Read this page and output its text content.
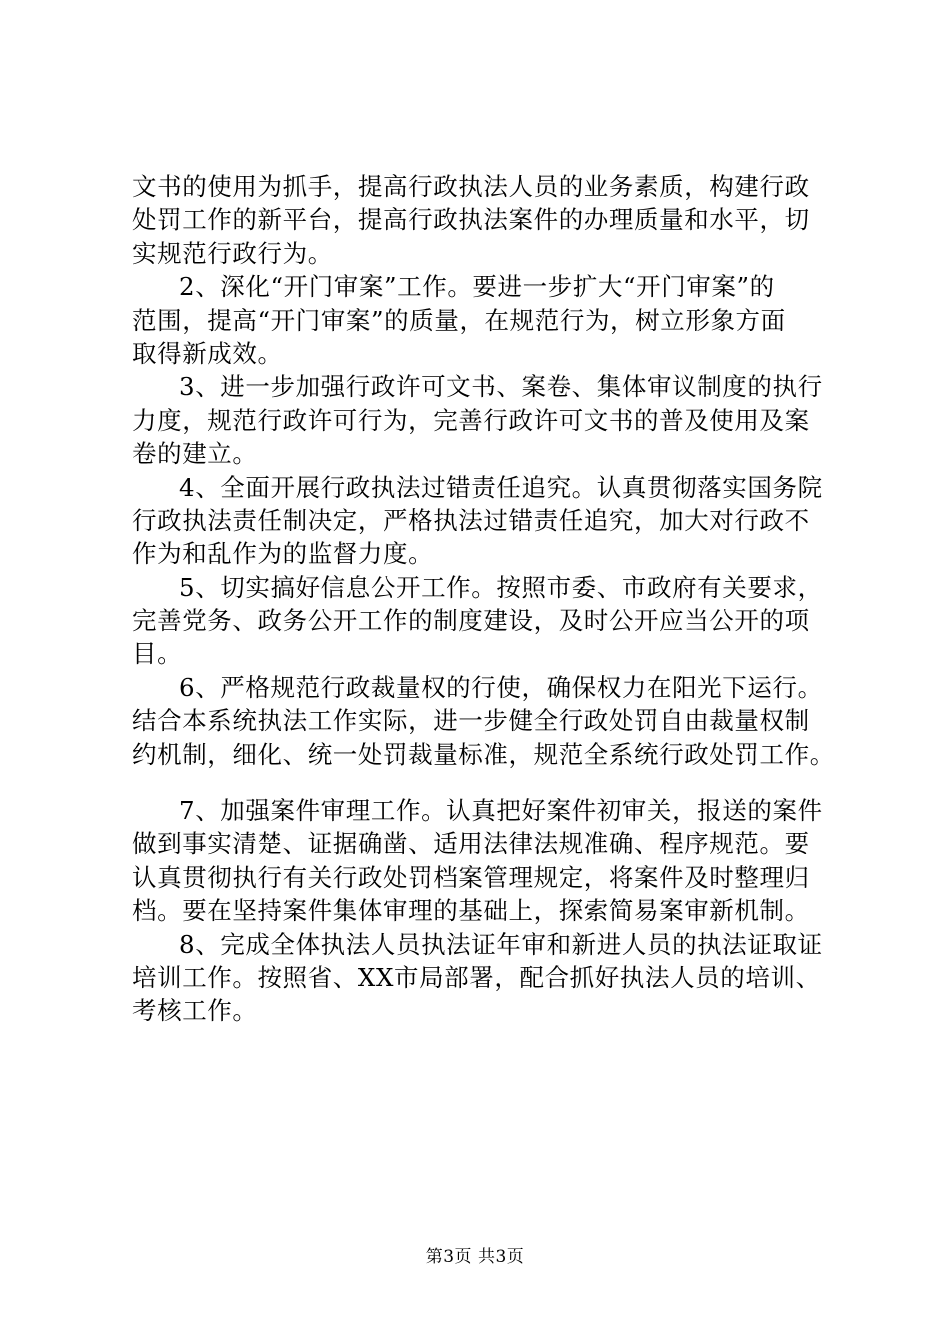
文书的使用为抓手，提高行政执法人员的业务素质，构建行政
处罚工作的新平台，提高行政执法案件的办理质量和水平，切
实规范行政行为。
2、深化“开门审案”工作。要进一步扩大“开门审案”的
范围，提高“开门审案”的质量，在规范行为，树立形象方面
取得新成效。
3、进一步加强行政许可文书、案卷、集体审议制度的执行
力度，规范行政许可行为，完善行政许可文书的普及使用及案
卷的建立。
4、全面开展行政执法过错责任追究。认真贯彻落实国务院
行政执法责任制决定，严格执法过错责任追究，加大对行政不
作为和乱作为的监督力度。
5、切实搞好信息公开工作。按照市委、市政府有关要求，
完善党务、政务公开工作的制度建设，及时公开应当公开的项
目。
6、严格规范行政裁量权的行使，确保权力在阳光下运行。
结合本系统执法工作实际，进一步健全行政处罚自由裁量权制
约机制，细化、统一处罚裁量标准，规范全系统行政处罚工作。
7、加强案件审理工作。认真把好案件初审关，报送的案件
做到事实清楚、证据确凿、适用法律法规准确、程序规范。要
认真贯彻执行有关行政处罚档案管理规定，将案件及时整理归
档。要在坚持案件集体审理的基础上，探索简易案审新机制。
8、完成全体执法人员执法证年审和新进人员的执法证取证
培训工作。按照省、XX市局部署，配合抓好执法人员的培训、
考核工作。
第3页 共3页
